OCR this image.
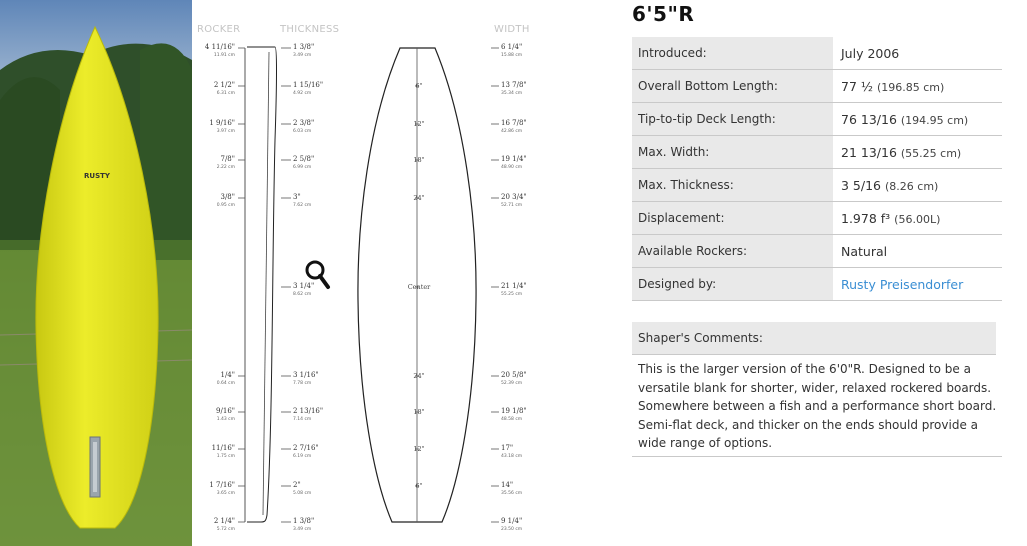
RUSTY
ROCKER	THICKNESS	WIDTH
6"
12"
18"
24"
Center
24"
18"
12"
6"
4 11/16"
11.91 cm
2 1/2"
6.31 cm
1 9/16"
3.97 cm
7/8"
2.22 cm
3/8"
0.95 cm
1/4"
0.64 cm
9/16"
1.43 cm
11/16"
1.75 cm
1 7/16"
3.65 cm
2 1/4"
5.72 cm
1 3/8"
3.49 cm
1 15/16"
4.92 cm
2 3/8"
6.03 cm
2 5/8"
6.99 cm
3"
7.62 cm
3 1/4"
8.62 cm
3 1/16"
7.78 cm
2 13/16"
7.14 cm
2 7/16"
6.19 cm
2"
5.08 cm
1 3/8"
3.49 cm
6 1/4"
15.88 cm
13 7/8"
35.34 cm
16 7/8"
42.86 cm
19 1/4"
48.90 cm
20 3/4"
52.71 cm
21 1/4"
55.25 cm
20 5/8"
52.39 cm
19 1/8"
48.58 cm
17"
43.18 cm
14"
35.56 cm
9 1/4"
23.50 cm
6'5"R
Introduced:	July 2006
Overall Bottom Length:	77 ½ (196.85 cm)
Tip-to-tip Deck Length:	76 13/16 (194.95 cm)
Max. Width:	21 13/16 (55.25 cm)
Max. Thickness:	3 5/16 (8.26 cm)
Displacement:	1.978 f³ (56.00L)
Available Rockers:	Natural
Designed by:	Rusty Preisendorfer
Shaper's Comments:
This is the larger version of the 6'0"R. Designed to be a versatile blank for shorter, wider, relaxed rockered boards. Somewhere between a fish and a performance short board. Semi-flat deck, and thicker on the ends should provide a wide range of options.
